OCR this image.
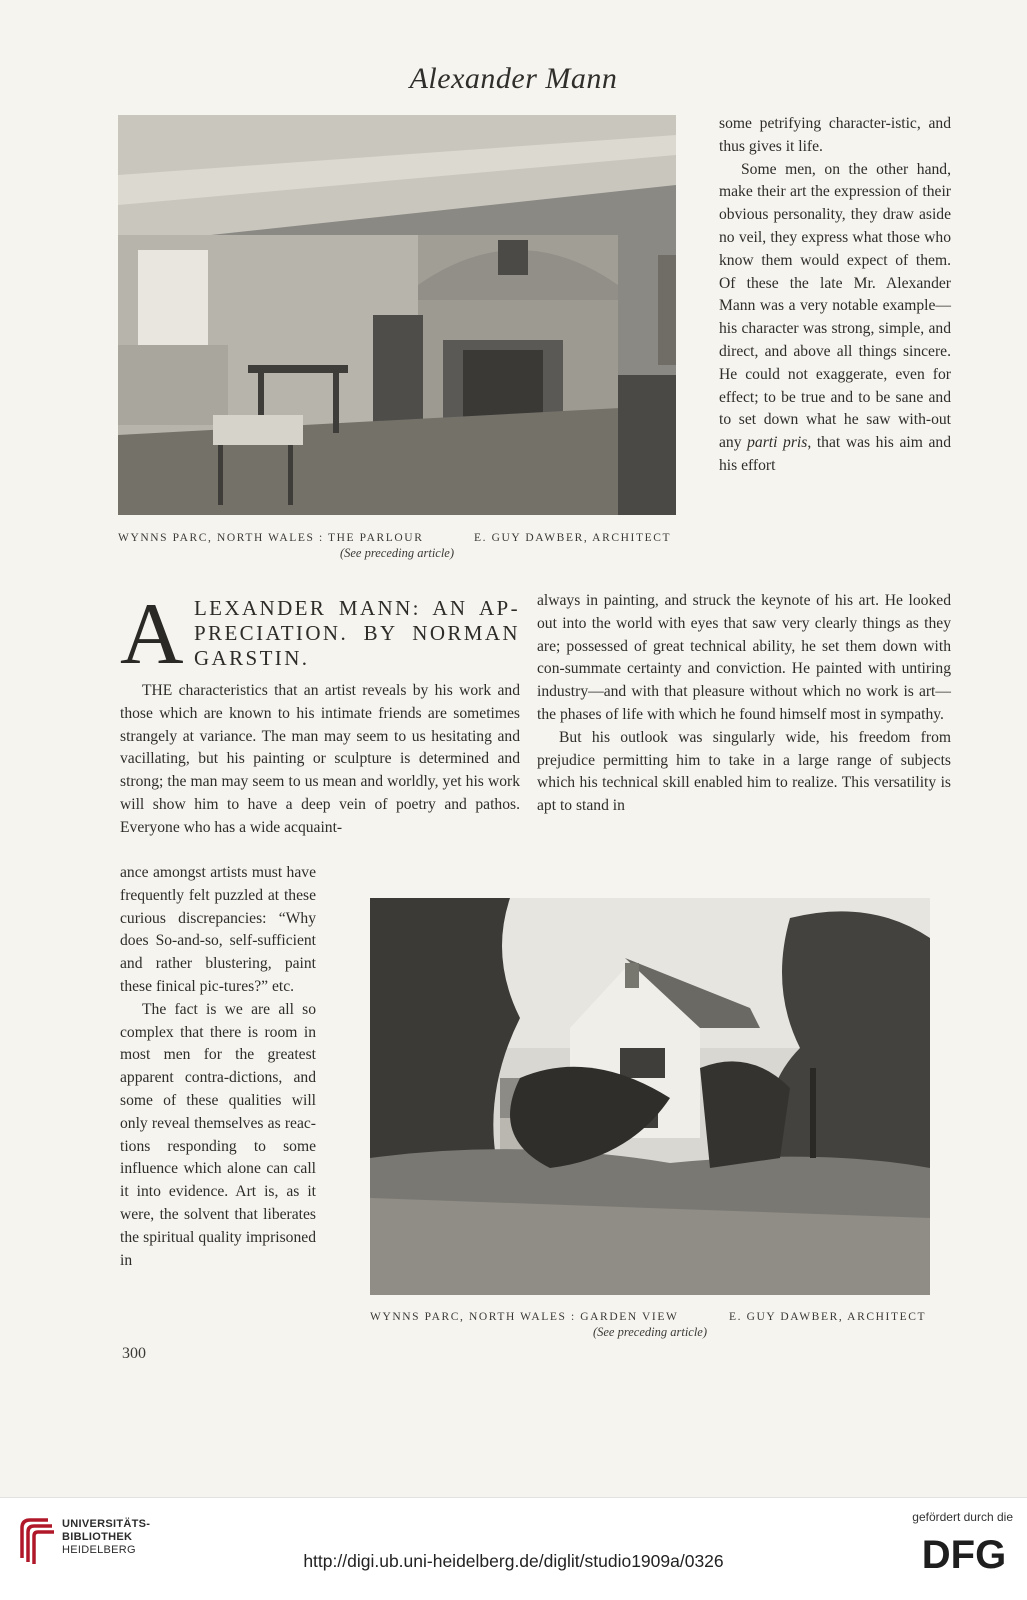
Alexander Mann
WYNNS PARC, NORTH WALES : THE PARLOUR	E. GUY DAWBER, ARCHITECT
(See preceding article)

some petrifying character-istic, and thus gives it life.

Some men, on the other hand, make their art the expression of their obvious personality, they draw aside no veil, they express what those who know them would expect of them. Of these the late Mr. Alexander Mann was a very notable example—his character was strong, simple, and direct, and above all things sincere. He could not exaggerate, even for effect; to be true and to be sane and to set down what he saw with-out any parti pris, that was his aim and his effort

A LEXANDER MANN: AN AP-PRECIATION. BY NORMAN GARSTIN.

THE characteristics that an artist reveals by his work and those which are known to his intimate friends are sometimes strangely at variance. The man may seem to us hesitating and vacillating, but his painting or sculpture is determined and strong; the man may seem to us mean and worldly, yet his work will show him to have a deep vein of poetry and pathos. Everyone who has a wide acquaint-

ance amongst artists must have frequently felt puzzled at these curious discrepancies: “Why does So-and-so, self-sufficient and rather blustering, paint these finical pic-tures?” etc.

The fact is we are all so complex that there is room in most men for the greatest apparent contra-dictions, and some of these qualities will only reveal themselves as reac-tions responding to some influence which alone can call it into evidence. Art is, as it were, the solvent that liberates the spiritual quality imprisoned in

always in painting, and struck the keynote of his art. He looked out into the world with eyes that saw very clearly things as they are; possessed of great technical ability, he set them down with con-summate certainty and conviction. He painted with untiring industry—and with that pleasure without which no work is art—the phases of life with which he found himself most in sympathy.

But his outlook was singularly wide, his freedom from prejudice permitting him to take in a large range of subjects which his technical skill enabled him to realize. This versatility is apt to stand in

WYNNS PARC, NORTH WALES : GARDEN VIEW	E. GUY DAWBER, ARCHITECT
(See preceding article)
300
UNIVERSITÄTS-
BIBLIOTHEK
HEIDELBERG
http://digi.ub.uni-heidelberg.de/diglit/studio1909a/0326
gefördert durch die
DFG
